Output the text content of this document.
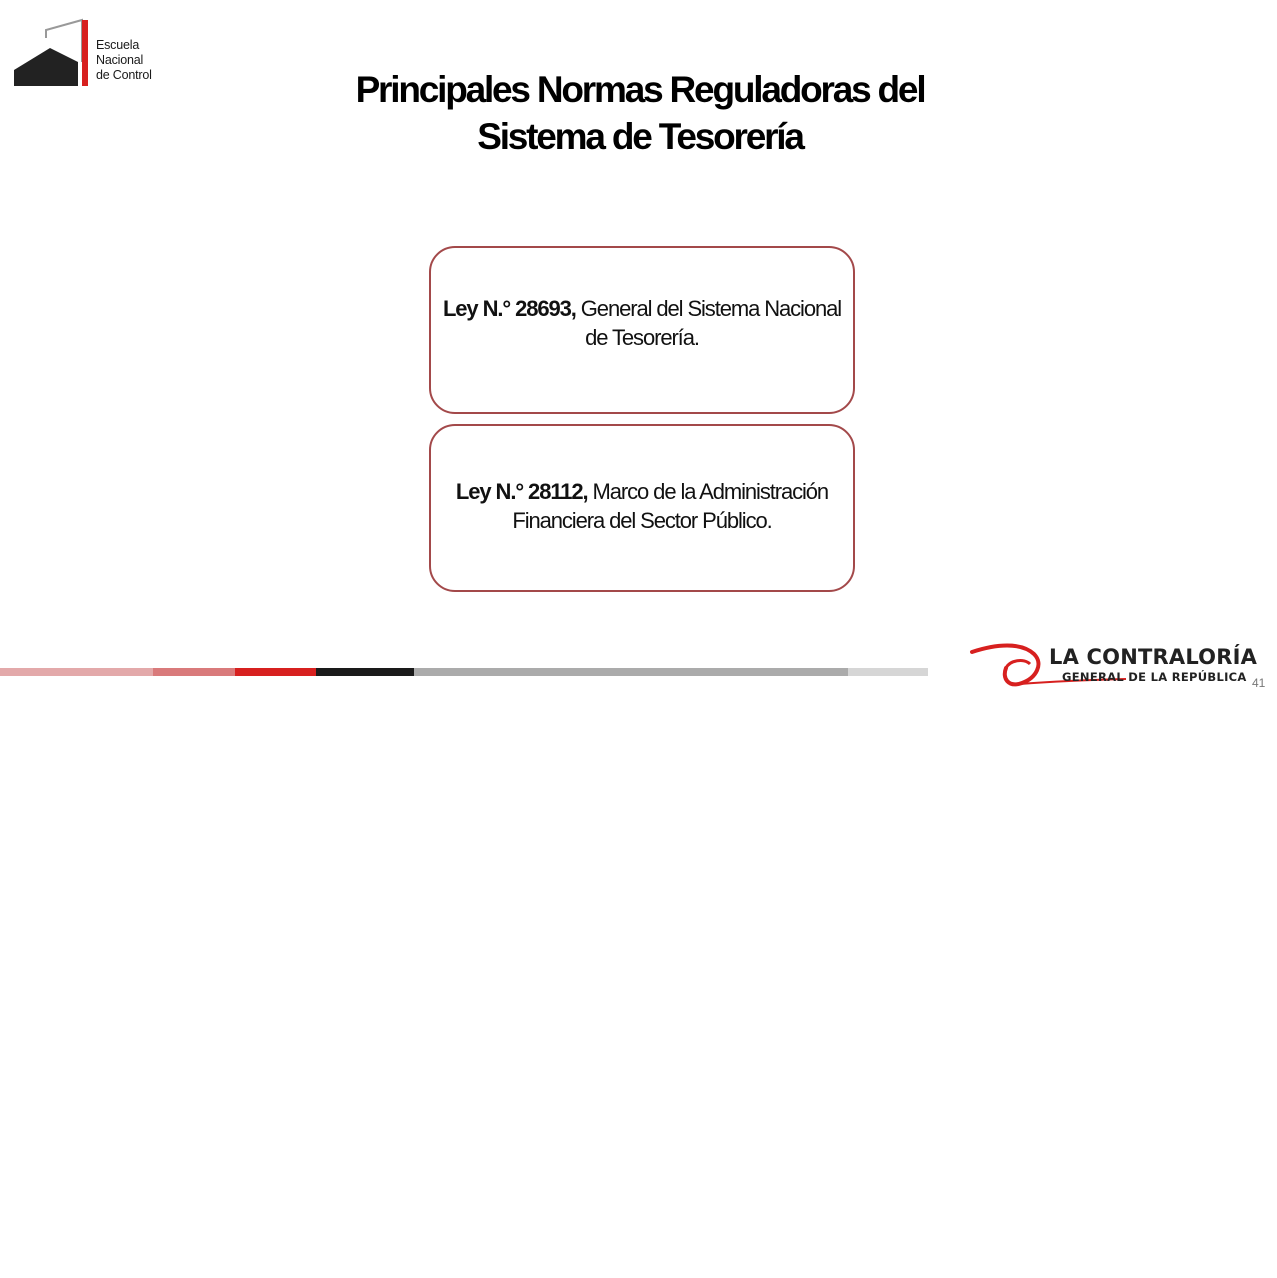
Escuela
Nacional
de Control	Principales Normas Reguladoras del
Sistema de Tesorería
Ley N.° 28693, General del Sistema Nacional de Tesorería.
Ley N.° 28112, Marco de la Administración Financiera del Sector Público.
LA CONTRALORÍA
GENERAL DE LA REPÚBLICA 41
